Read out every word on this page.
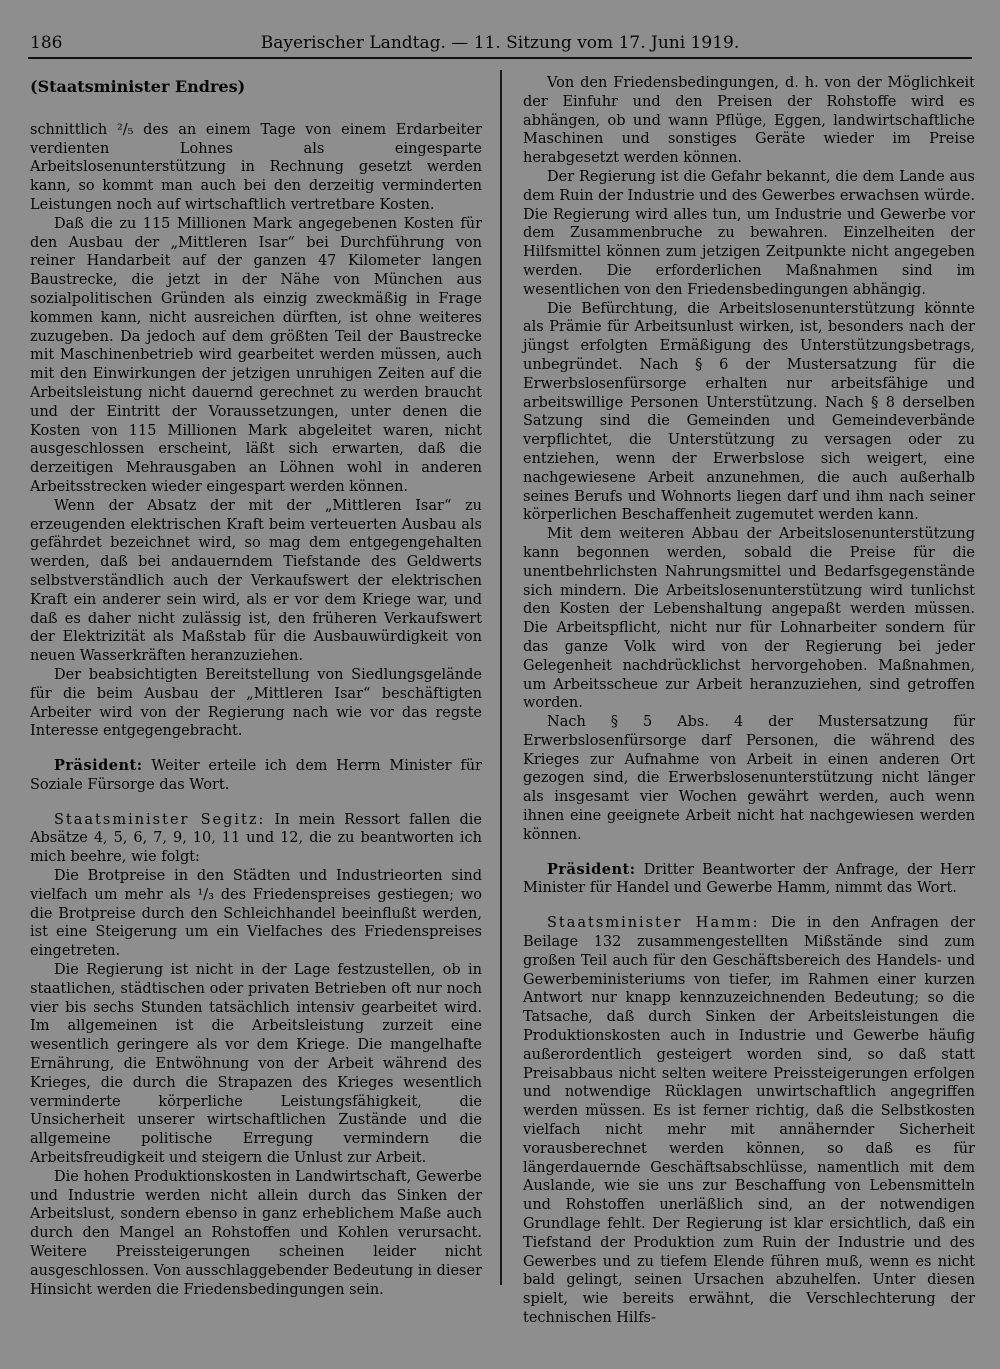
186	Bayerischer Landtag. — 11. Sitzung vom 17. Juni 1919.
(Staatsminister Endres)

schnittlich ²/₅ des an einem Tage von einem Erdarbeiter verdienten Lohnes als eingesparte Arbeitslosenunterstützung in Rechnung gesetzt werden kann, so kommt man auch bei den derzeitig verminderten Leistungen noch auf wirtschaftlich vertretbare Kosten.

Daß die zu 115 Millionen Mark angegebenen Kosten für den Ausbau der „Mittleren Isar“ bei Durchführung von reiner Handarbeit auf der ganzen 47 Kilometer langen Baustrecke, die jetzt in der Nähe von München aus sozialpolitischen Gründen als einzig zweckmäßig in Frage kommen kann, nicht ausreichen dürften, ist ohne weiteres zuzugeben. Da jedoch auf dem größten Teil der Baustrecke mit Maschinenbetrieb wird gearbeitet werden müssen, auch mit den Einwirkungen der jetzigen unruhigen Zeiten auf die Arbeitsleistung nicht dauernd gerechnet zu werden braucht und der Eintritt der Voraussetzungen, unter denen die Kosten von 115 Millionen Mark abgeleitet waren, nicht ausgeschlossen erscheint, läßt sich erwarten, daß die derzeitigen Mehrausgaben an Löhnen wohl in anderen Arbeitsstrecken wieder eingespart werden können.

Wenn der Absatz der mit der „Mittleren Isar“ zu erzeugenden elektrischen Kraft beim verteuerten Ausbau als gefährdet bezeichnet wird, so mag dem entgegengehalten werden, daß bei andauerndem Tiefstande des Geldwerts selbstverständlich auch der Verkaufswert der elektrischen Kraft ein anderer sein wird, als er vor dem Kriege war, und daß es daher nicht zulässig ist, den früheren Verkaufswert der Elektrizität als Maßstab für die Ausbauwürdigkeit von neuen Wasserkräften heranzuziehen.

Der beabsichtigten Bereitstellung von Siedlungsgelände für die beim Ausbau der „Mittleren Isar“ beschäftigten Arbeiter wird von der Regierung nach wie vor das regste Interesse entgegengebracht.

Präsident: Weiter erteile ich dem Herrn Minister für Soziale Fürsorge das Wort.

Staatsminister Segitz: In mein Ressort fallen die Absätze 4, 5, 6, 7, 9, 10, 11 und 12, die zu beantworten ich mich beehre, wie folgt:

Die Brotpreise in den Städten und Industrieorten sind vielfach um mehr als ¹/₃ des Friedenspreises gestiegen; wo die Brotpreise durch den Schleichhandel beeinflußt werden, ist eine Steigerung um ein Vielfaches des Friedenspreises eingetreten.

Die Regierung ist nicht in der Lage festzustellen, ob in staatlichen, städtischen oder privaten Betrieben oft nur noch vier bis sechs Stunden tatsächlich intensiv gearbeitet wird. Im allgemeinen ist die Arbeitsleistung zurzeit eine wesentlich geringere als vor dem Kriege. Die mangelhafte Ernährung, die Entwöhnung von der Arbeit während des Krieges, die durch die Strapazen des Krieges wesentlich verminderte körperliche Leistungsfähigkeit, die Unsicherheit unserer wirtschaftlichen Zustände und die allgemeine politische Erregung vermindern die Arbeitsfreudigkeit und steigern die Unlust zur Arbeit.

Die hohen Produktionskosten in Landwirtschaft, Gewerbe und Industrie werden nicht allein durch das Sinken der Arbeitslust, sondern ebenso in ganz erheblichem Maße auch durch den Mangel an Rohstoffen und Kohlen verursacht. Weitere Preissteigerungen scheinen leider nicht ausgeschlossen. Von ausschlaggebender Bedeutung in dieser Hinsicht werden die Friedensbedingungen sein.

Von den Friedensbedingungen, d. h. von der Möglichkeit der Einfuhr und den Preisen der Rohstoffe wird es abhängen, ob und wann Pflüge, Eggen, landwirtschaftliche Maschinen und sonstiges Geräte wieder im Preise herabgesetzt werden können.

Der Regierung ist die Gefahr bekannt, die dem Lande aus dem Ruin der Industrie und des Gewerbes erwachsen würde. Die Regierung wird alles tun, um Industrie und Gewerbe vor dem Zusammenbruche zu bewahren. Einzelheiten der Hilfsmittel können zum jetzigen Zeitpunkte nicht angegeben werden. Die erforderlichen Maßnahmen sind im wesentlichen von den Friedensbedingungen abhängig.

Die Befürchtung, die Arbeitslosenunterstützung könnte als Prämie für Arbeitsunlust wirken, ist, besonders nach der jüngst erfolgten Ermäßigung des Unterstützungsbetrags, unbegründet. Nach § 6 der Mustersatzung für die Erwerbslosenfürsorge erhalten nur arbeitsfähige und arbeitswillige Personen Unterstützung. Nach § 8 derselben Satzung sind die Gemeinden und Gemeindeverbände verpflichtet, die Unterstützung zu versagen oder zu entziehen, wenn der Erwerbslose sich weigert, eine nachgewiesene Arbeit anzunehmen, die auch außerhalb seines Berufs und Wohnorts liegen darf und ihm nach seiner körperlichen Beschaffenheit zugemutet werden kann.

Mit dem weiteren Abbau der Arbeitslosenunterstützung kann begonnen werden, sobald die Preise für die unentbehrlichsten Nahrungsmittel und Bedarfsgegenstände sich mindern. Die Arbeitslosenunterstützung wird tunlichst den Kosten der Lebenshaltung angepaßt werden müssen. Die Arbeitspflicht, nicht nur für Lohnarbeiter sondern für das ganze Volk wird von der Regierung bei jeder Gelegenheit nachdrücklichst hervorgehoben. Maßnahmen, um Arbeitsscheue zur Arbeit heranzuziehen, sind getroffen worden.

Nach § 5 Abs. 4 der Mustersatzung für Erwerbslosenfürsorge darf Personen, die während des Krieges zur Aufnahme von Arbeit in einen anderen Ort gezogen sind, die Erwerbslosenunterstützung nicht länger als insgesamt vier Wochen gewährt werden, auch wenn ihnen eine geeignete Arbeit nicht hat nachgewiesen werden können.

Präsident: Dritter Beantworter der Anfrage, der Herr Minister für Handel und Gewerbe Hamm, nimmt das Wort.

Staatsminister Hamm: Die in den Anfragen der Beilage 132 zusammengestellten Mißstände sind zum großen Teil auch für den Geschäftsbereich des Handels- und Gewerbeministeriums von tiefer, im Rahmen einer kurzen Antwort nur knapp kennzuzeichnenden Bedeutung; so die Tatsache, daß durch Sinken der Arbeitsleistungen die Produktionskosten auch in Industrie und Gewerbe häufig außerordentlich gesteigert worden sind, so daß statt Preisabbaus nicht selten weitere Preissteigerungen erfolgen und notwendige Rücklagen unwirtschaftlich angegriffen werden müssen. Es ist ferner richtig, daß die Selbstkosten vielfach nicht mehr mit annähernder Sicherheit vorausberechnet werden können, so daß es für längerdauernde Geschäftsabschlüsse, namentlich mit dem Auslande, wie sie uns zur Beschaffung von Lebensmitteln und Rohstoffen unerläßlich sind, an der notwendigen Grundlage fehlt. Der Regierung ist klar ersichtlich, daß ein Tiefstand der Produktion zum Ruin der Industrie und des Gewerbes und zu tiefem Elende führen muß, wenn es nicht bald gelingt, seinen Ursachen abzuhelfen. Unter diesen spielt, wie bereits erwähnt, die Verschlechterung der technischen Hilfs-
